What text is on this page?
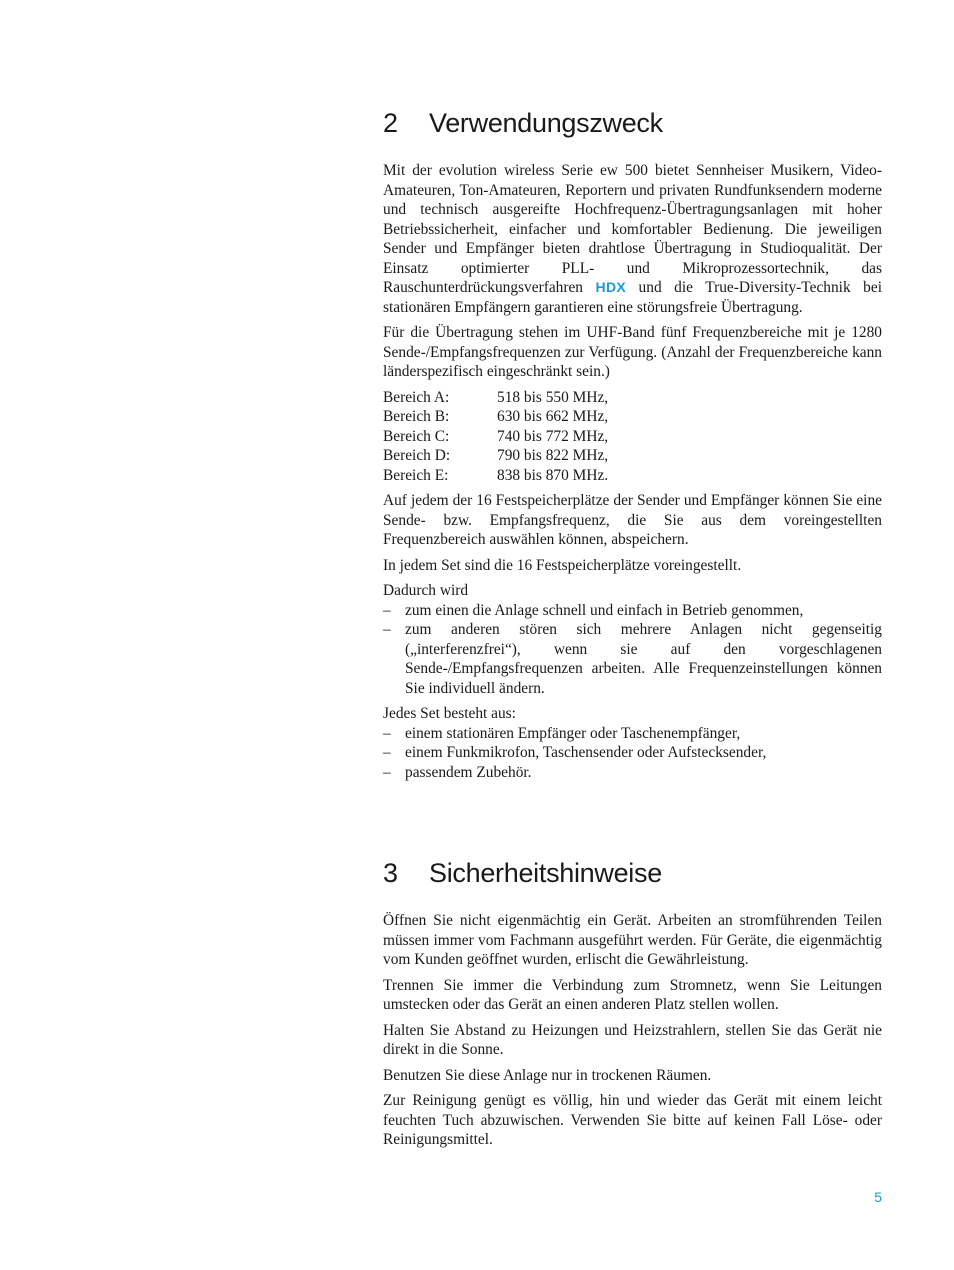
2	Verwendungszweck

Mit der evolution wireless Serie ew 500 bietet Sennheiser Musikern, Video-Amateuren, Ton-Amateuren, Reportern und privaten Rundfunksendern moderne und technisch ausgereifte Hochfrequenz-Übertragungsanlagen mit hoher Betriebssicherheit, einfacher und komfortabler Bedienung. Die jeweiligen Sender und Empfänger bieten drahtlose Übertragung in Studioqualität. Der Einsatz optimierter PLL- und Mikroprozessortechnik, das Rauschunterdrückungsverfahren HDX und die True-Diversity-Technik bei stationären Empfängern garantieren eine störungsfreie Übertragung.

Für die Übertragung stehen im UHF-Band fünf Frequenzbereiche mit je 1280 Sende-/Empfangsfrequenzen zur Verfügung. (Anzahl der Frequenzbereiche kann länderspezifisch eingeschränkt sein.)

Bereich A:	518 bis 550 MHz,
Bereich B:	630 bis 662 MHz,
Bereich C:	740 bis 772 MHz,
Bereich D:	790 bis 822 MHz,
Bereich E:	838 bis 870 MHz.

Auf jedem der 16 Festspeicherplätze der Sender und Empfänger können Sie eine Sende- bzw. Empfangsfrequenz, die Sie aus dem voreingestellten Frequenzbereich auswählen können, abspeichern.

In jedem Set sind die 16 Festspeicherplätze voreingestellt.

Dadurch wird

– zum einen die Anlage schnell und einfach in Betrieb genommen,
– zum anderen stören sich mehrere Anlagen nicht gegenseitig („interferenzfrei“), wenn sie auf den vorgeschlagenen Sende-/Empfangsfrequenzen arbeiten. Alle Frequenzeinstellungen können Sie individuell ändern.

Jedes Set besteht aus:

– einem stationären Empfänger oder Taschenempfänger,
– einem Funkmikrofon, Taschensender oder Aufstecksender,
– passendem Zubehör.
3	Sicherheitshinweise

Öffnen Sie nicht eigenmächtig ein Gerät. Arbeiten an stromführenden Teilen müssen immer vom Fachmann ausgeführt werden. Für Geräte, die eigenmächtig vom Kunden geöffnet wurden, erlischt die Gewährleistung.

Trennen Sie immer die Verbindung zum Stromnetz, wenn Sie Leitungen umstecken oder das Gerät an einen anderen Platz stellen wollen.

Halten Sie Abstand zu Heizungen und Heizstrahlern, stellen Sie das Gerät nie direkt in die Sonne.

Benutzen Sie diese Anlage nur in trockenen Räumen.

Zur Reinigung genügt es völlig, hin und wieder das Gerät mit einem leicht feuchten Tuch abzuwischen. Verwenden Sie bitte auf keinen Fall Löse- oder Reinigungsmittel.

5
